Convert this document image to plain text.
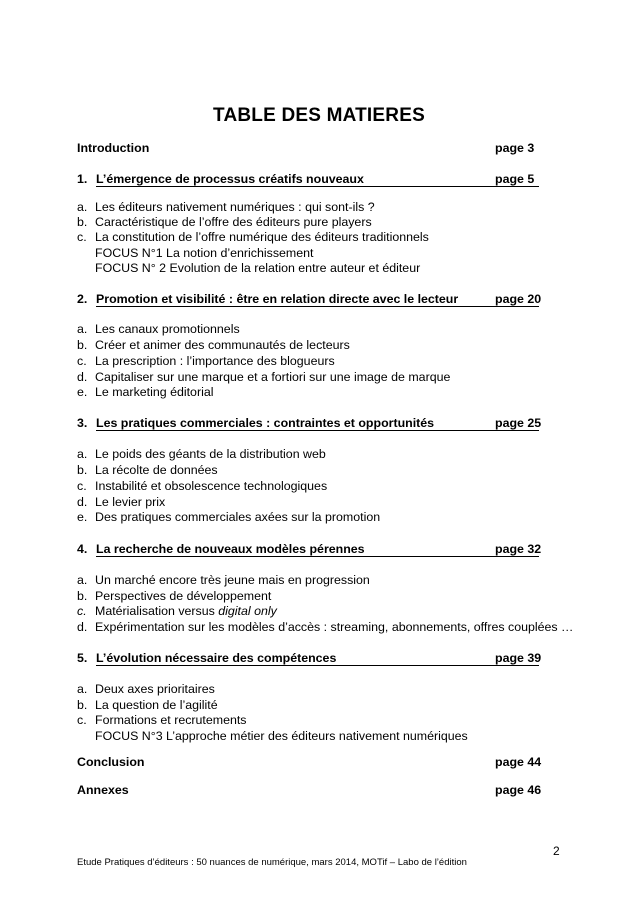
TABLE DES MATIERES
Introduction	page 3
1. L’émergence de processus créatifs nouveaux	page 5
a. Les éditeurs nativement numériques : qui sont-ils ?
b. Caractéristique de l’offre des éditeurs pure players
c. La constitution de l’offre numérique des éditeurs traditionnels
FOCUS N°1 La notion d’enrichissement
FOCUS N° 2 Evolution de la relation entre auteur et éditeur
2. Promotion et visibilité : être en relation directe avec le lecteur	page 20
a. Les canaux promotionnels
b. Créer et animer des communautés de lecteurs
c. La prescription : l’importance des blogueurs
d. Capitaliser sur une marque et a fortiori sur une image de marque
e. Le marketing éditorial
3. Les pratiques commerciales : contraintes et opportunités	page 25
a. Le poids des géants de la distribution web
b. La récolte de données
c. Instabilité et obsolescence technologiques
d. Le levier prix
e. Des pratiques commerciales axées sur la promotion
4. La recherche de nouveaux modèles pérennes	page 32
a. Un marché encore très jeune mais en progression
b. Perspectives de développement
c. Matérialisation versus digital only
d. Expérimentation sur les modèles d’accès : streaming, abonnements, offres couplées …
5. L’évolution nécessaire des compétences	page 39
a. Deux axes prioritaires
b. La question de l’agilité
c. Formations et recrutements
FOCUS N°3 L’approche métier des éditeurs nativement numériques
Conclusion	page 44
Annexes	page 46
2
Etude Pratiques d’éditeurs : 50 nuances de numérique, mars 2014, MOTif – Labo de l’édition
